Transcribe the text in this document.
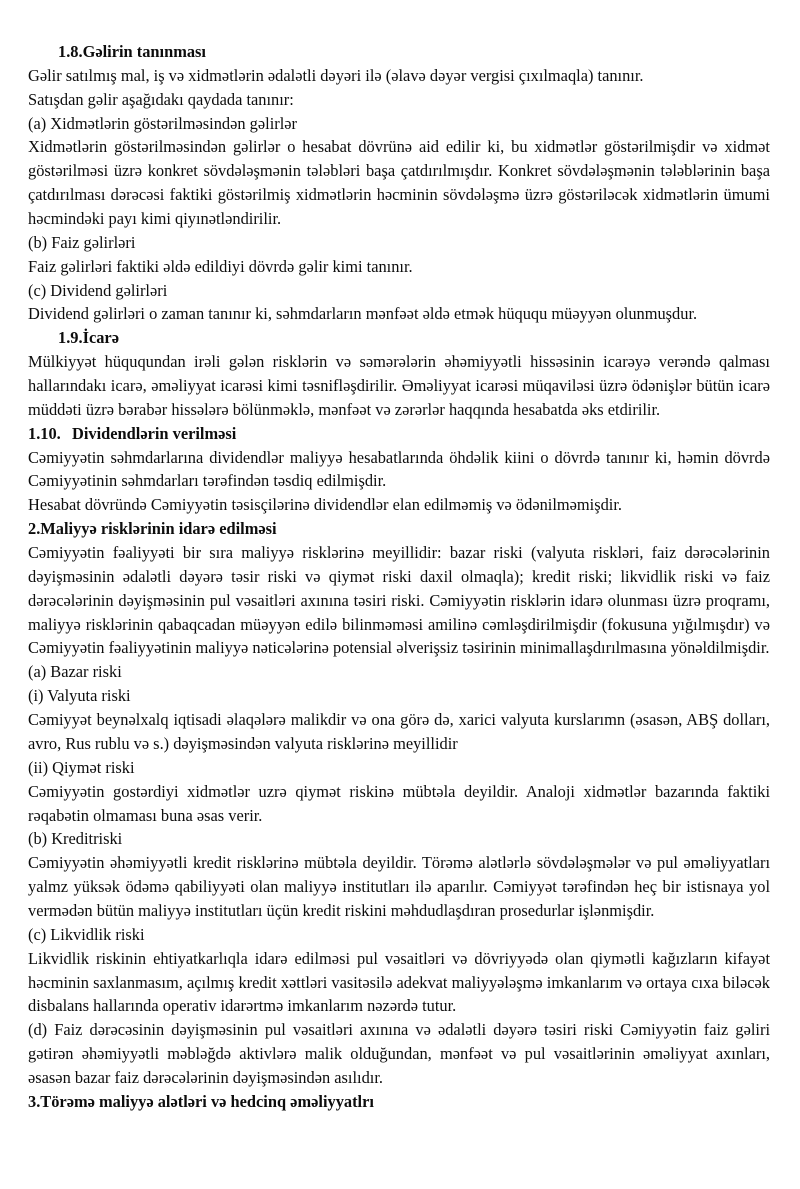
1.8.Gəlirin tanınması

Gəlir satılmış mal, iş və xidmətlərin ədalətli dəyəri ilə (əlavə dəyər vergisi çıxılmaqla) tanınır.

Satışdan gəlir aşağıdakı qaydada tanınır:

(a) Xidmətlərin göstərilməsindən gəlirlər

Xidmətlərin göstərilməsindən gəlirlər o hesabat dövrünə aid edilir ki, bu xidmətlər göstərilmişdir və xidmət göstərilməsi üzrə konkret sövdələşmənin tələbləri başa çatdırılmışdır. Konkret sövdələşmənin tələblərinin başa çatdırılması dərəcəsi faktiki göstərilmiş xidmətlərin həcminin sövdələşmə üzrə göstəriləcək xidmətlərin ümumi həcmindəki payı kimi qiyınətləndirilir.

(b) Faiz gəlirləri

Faiz gəlirləri faktiki əldə edildiyi dövrdə gəlir kimi tanınır.

(c) Dividend gəlirləri

Dividend gəlirləri o zaman tanınır ki, səhmdarların mənfəət əldə etmək hüququ müəyyən olunmuşdur.

1.9.İcarə

Mülkiyyət hüququndan irəli gələn risklərin və səmərələrin əhəmiyyətli hissəsinin icarəyə verəndə qalması hallarındakı icarə, əməliyyat icarəsi kimi təsnifləşdirilir. Əməliyyat icarəsi müqaviləsi üzrə ödənişlər bütün icarə müddəti üzrə bərabər hissələrə bölünməklə, mənfəət və zərərlər haqqında hesabatda əks etdirilir.

1.10. Dividendlərin verilməsi

Cəmiyyətin səhmdarlarına dividendlər maliyyə hesabatlarında öhdəlik kiini o dövrdə tanınır ki, həmin dövrdə Cəmiyyətinin səhmdarları tərəfindən təsdiq edilmişdir.

Hesabat dövründə Cəmiyyətin təsisçilərinə dividendlər elan edilməmiş və ödənilməmişdir.

2.Maliyyə risklərinin idarə edilməsi

Cəmiyyətin fəaliyyəti bir sıra maliyyə risklərinə meyillidir: bazar riski (valyuta riskləri, faiz dərəcələrinin dəyişməsinin ədalətli dəyərə təsir riski və qiymət riski daxil olmaqla); kredit riski; likvidlik riski və faiz dərəcələrinin dəyişməsinin pul vəsaitləri axınına təsiri riski. Cəmiyyətin risklərin idarə olunması üzrə proqramı, maliyyə risklərinin qabaqcadan müəyyən edilə bilinməməsi amilinə cəmləşdirilmişdir (fokusuna yığılmışdır) və Cəmiyyətin fəaliyyətinin maliyyə nəticələrinə potensial əlverişsiz təsirinin minimallaşdırılmasına yönəldilmişdir.

(a) Bazar riski

(i) Valyuta riski

Cəmiyyət beynəlxalq iqtisadi əlaqələrə malikdir və ona görə də, xarici valyuta kurslarımn (əsasən, ABŞ dolları, avro, Rus rublu və s.) dəyişməsindən valyuta risklərinə meyillidir

(ii) Qiymət riski

Cəmiyyətin gostərdiyi xidmətlər uzrə qiymət riskinə mübtəla deyildir. Analoji xidmətlər bazarında faktiki rəqabətin olmaması buna əsas verir.

(b) Kreditriski

Cəmiyyətin əhəmiyyətli kredit risklərinə mübtəla deyildir. Törəmə alətlərlə sövdələşmələr və pul əməliyyatları yalmz yüksək ödəmə qabiliyyəti olan maliyyə institutları ilə aparılır. Cəmiyyət tərəfindən heç bir istisnaya yol vermədən bütün maliyyə institutları üçün kredit riskini məhdudlaşdıran prosedurlar işlənmişdir.

(c) Likvidlik riski

Likvidlik riskinin ehtiyatkarlıqla idarə edilməsi pul vəsaitləri və dövriyyədə olan qiymətli kağızların kifayət həcminin saxlanmasım, açılmış kredit xəttləri vasitəsilə adekvat maliyyələşmə imkanlarım və ortaya cıxa biləcək disbalans hallarında operativ idarərtmə imkanlarım nəzərdə tutur.

(d) Faiz dərəcəsinin dəyişməsinin pul vəsaitləri axınına və ədalətli dəyərə təsiri riski Cəmiyyətin faiz gəliri gətirən əhəmiyyətli məbləğdə aktivlərə malik olduğundan, mənfəət və pul vəsaitlərinin əməliyyat axınları, əsasən bazar faiz dərəcələrinin dəyişməsindən asılıdır.

3.Törəmə maliyyə alətləri və hedcinq əməliyyatlrı
